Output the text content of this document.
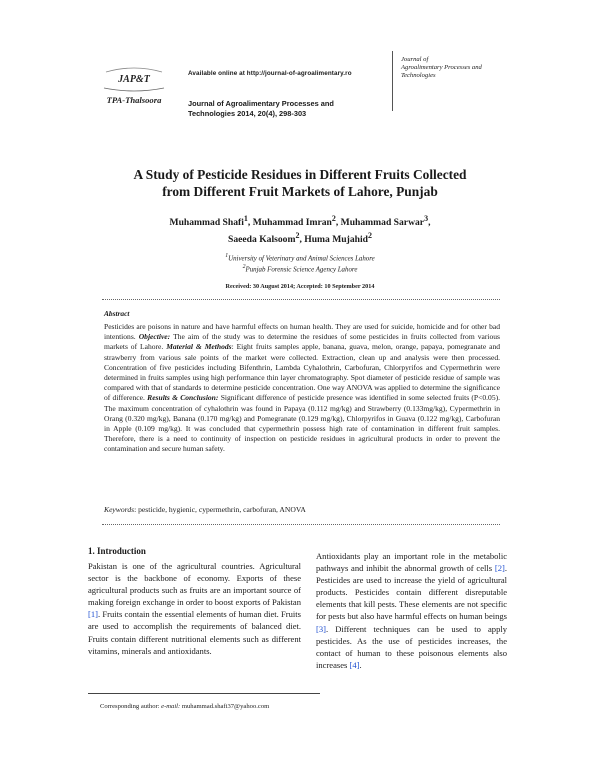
JAP&T
TPA-Thalsoora
Available online at http://journal-of-agroalimentary.ro
Journal of Agroalimentary Processes and
Technologies 2014, 20(4), 298-303
Journal of
Agroalimentary Processes and
Technologies
A Study of Pesticide Residues in Different Fruits Collected
from Different Fruit Markets of Lahore, Punjab
Muhammad Shafi$^1$, Muhammad Imran$^2$, Muhammad Sarwar$^3$,
Saeeda Kalsoom$^2$, Huma Mujahid$^2$
$^1$University of Veterinary and Animal Sciences Lahore
$^2$Punjab Forensic Science Agency Lahore
Received: 30 August 2014; Accepted: 10 September 2014
Abstract
Pesticides are poisons in nature and have harmful effects on human health. They are used for suicide, homicide and for other bad intentions. Objective: The aim of the study was to determine the residues of some pesticides in fruits collected from various markets of Lahore. Material & Methods: Eight fruits samples apple, banana, guava, melon, orange, papaya, pomegranate and strawberry from various sale points of the market were collected. Extraction, clean up and analysis were then processed. Concentration of five pesticides including Bifenthrin, Lambda Cyhalothrin, Carbofuran, Chlorpyrifos and Cypermethrin were determined in fruits samples using high performance thin layer chromatography. Spot diameter of pesticide residue of sample was compared with that of standards to determine pesticide concentration. One way ANOVA was applied to determine the significance of difference. Results & Conclusion: Significant difference of pesticide presence was identified in some selected fruits (P<0.05). The maximum concentration of cyhalothrin was found in Papaya (0.112 mg/kg) and Strawberry (0.133mg/kg), Cypermethrin in Orang (0.320 mg/kg), Banana (0.170 mg/kg) and Pomegranate (0.129 mg/kg), Chlorpyrifos in Guava (0.122 mg/kg), Carbofuran in Apple (0.109 mg/kg). It was concluded that cypermethrin possess high rate of contamination in different fruit samples. Therefore, there is a need to continuity of inspection on pesticide residues in agricultural products in order to prevent the contamination and secure human safety.
Keywords: pesticide, hygienic, cypermethrin, carbofuran, ANOVA
1. Introduction
Pakistan is one of the agricultural countries. Agricultural sector is the backbone of economy. Exports of these agricultural products such as fruits are an important source of making foreign exchange in order to boost exports of Pakistan [1]. Fruits contain the essential elements of human diet. Fruits are used to accomplish the requirements of balanced diet. Fruits contain different nutritional elements such as different vitamins, minerals and antioxidants.
Antioxidants play an important role in the metabolic pathways and inhibit the abnormal growth of cells [2]. Pesticides are used to increase the yield of agricultural products. Pesticides contain different disreputable elements that kill pests. These elements are not specific for pests but also have harmful effects on human beings [3]. Different techniques can be used to apply pesticides. As the use of pesticides increases, the contact of human to these poisonous elements also increases [4].
Corresponding author: e-mail: muhammad.shafi37@yahoo.com
